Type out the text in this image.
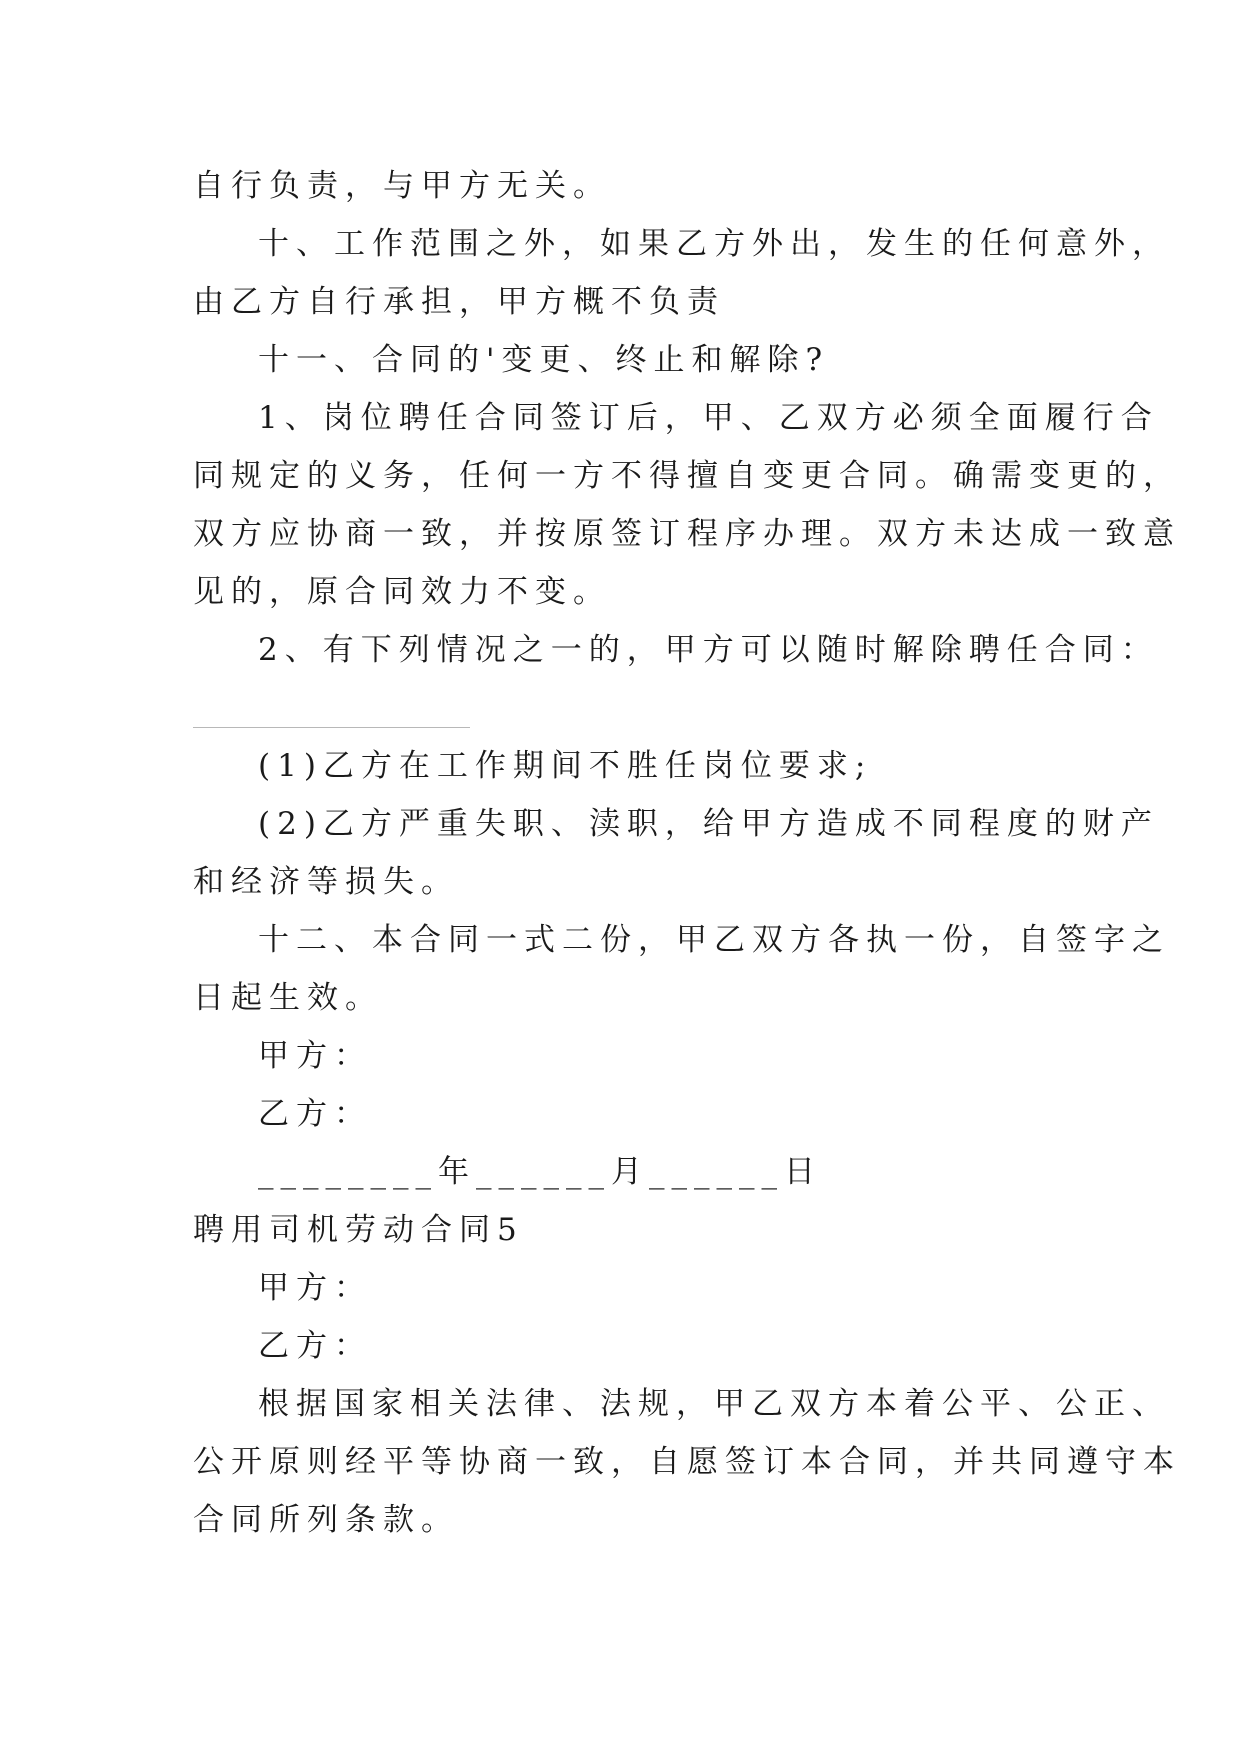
自行负责，与甲方无关。
十、工作范围之外，如果乙方外出，发生的任何意外，
由乙方自行承担，甲方概不负责
十一、合同的'变更、终止和解除?
1、岗位聘任合同签订后，甲、乙双方必须全面履行合
同规定的义务，任何一方不得擅自变更合同。确需变更的，
双方应协商一致，并按原签订程序办理。双方未达成一致意
见的，原合同效力不变。
2、有下列情况之一的，甲方可以随时解除聘任合同：
(1)乙方在工作期间不胜任岗位要求;
(2)乙方严重失职、渎职，给甲方造成不同程度的财产
和经济等损失。
十二、本合同一式二份，甲乙双方各执一份，自签字之
日起生效。
甲方：
乙方：
________年______月______日
聘用司机劳动合同5
甲方：
乙方：
根据国家相关法律、法规，甲乙双方本着公平、公正、
公开原则经平等协商一致，自愿签订本合同，并共同遵守本
合同所列条款。
